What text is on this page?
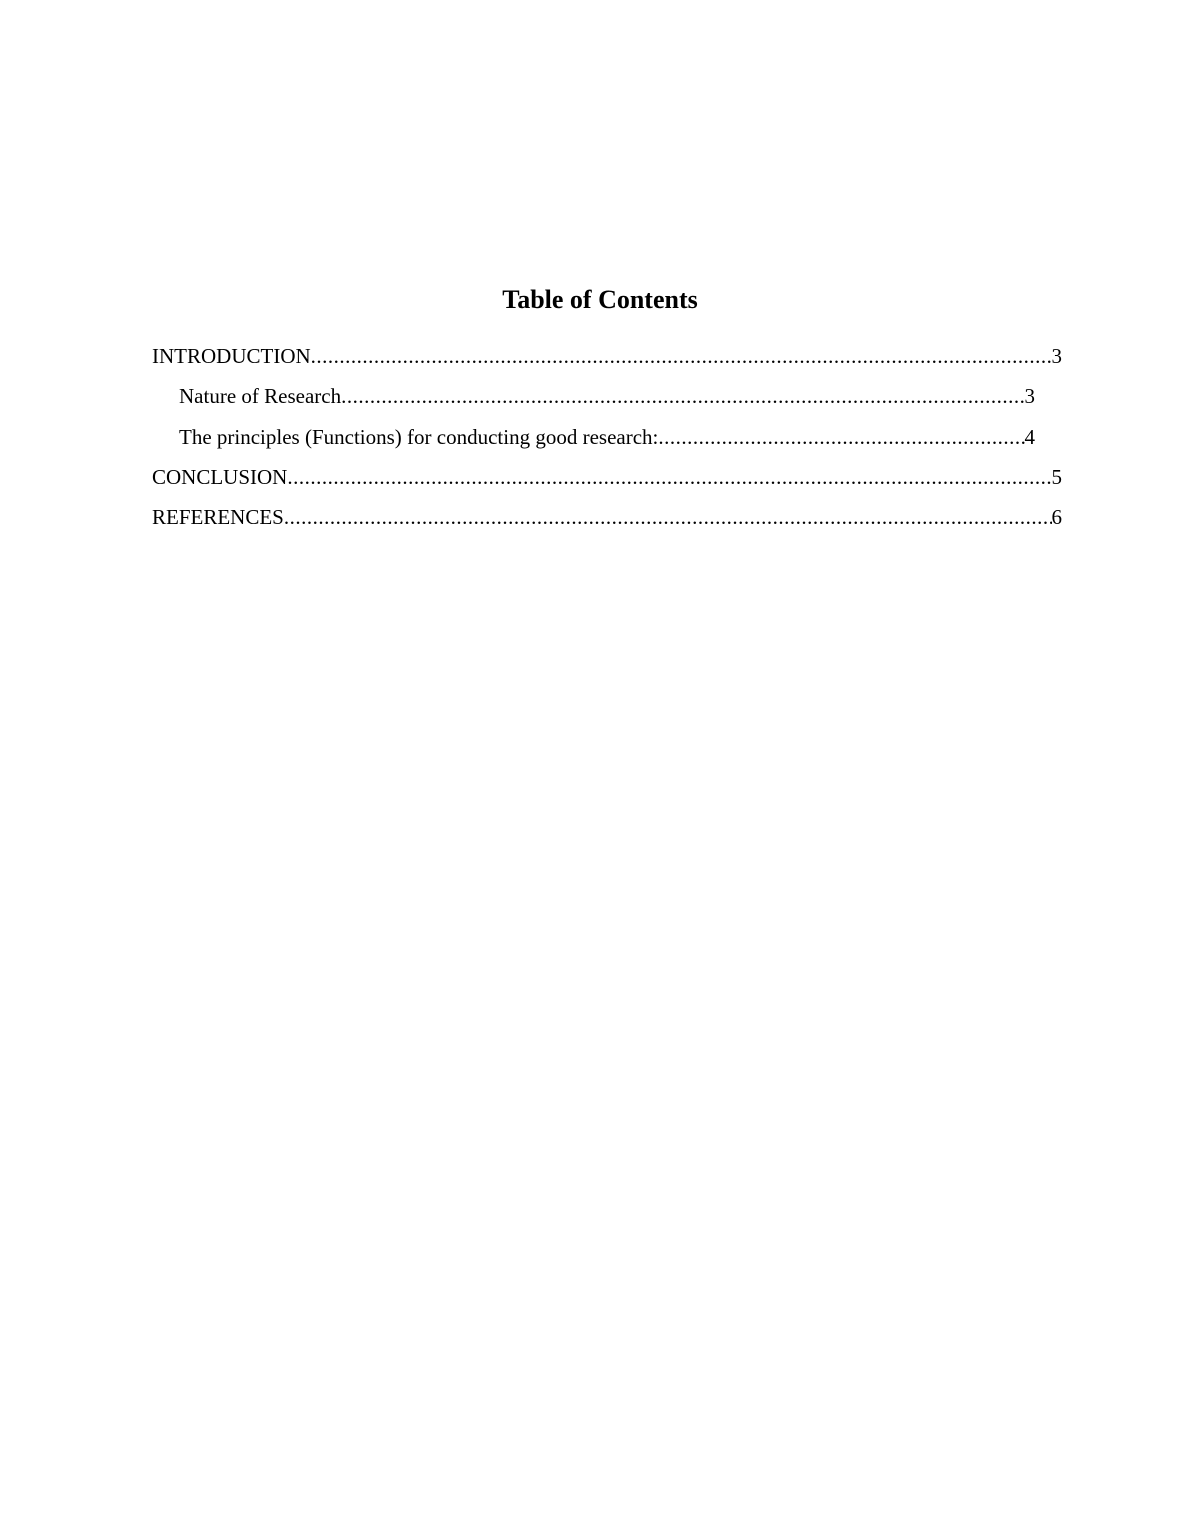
Table of Contents
INTRODUCTION .....	3
Nature of Research .....	3
The principles (Functions) for conducting good research: .....	4
CONCLUSION .....	5
REFERENCES .....	6
